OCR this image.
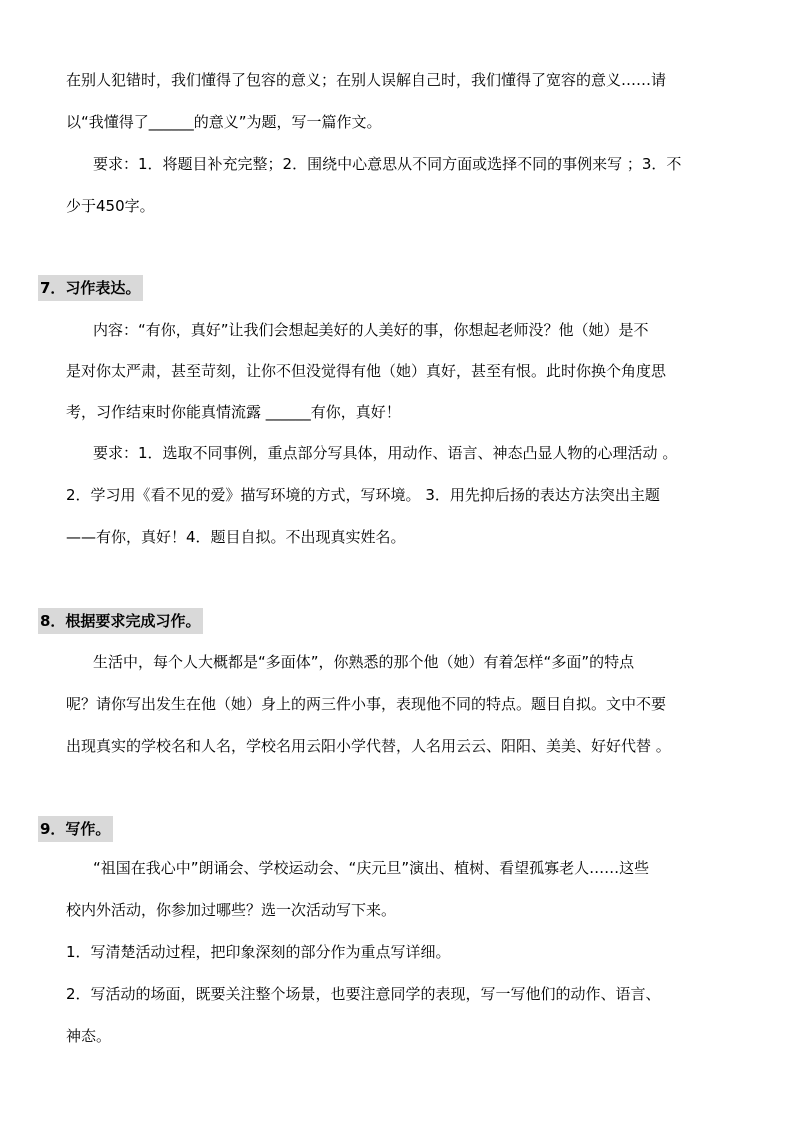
在别人犯错时，我们懂得了包容的意义；在别人误解自己时，我们懂得了宽容的意义……请
以“我懂得了______的意义”为题，写一篇作文。
要求：1．将题目补充完整；2．围绕中心意思从不同方面或选择不同的事例来写 ；3．不
少于450字。
7．习作表达。
内容：“有你，真好”让我们会想起美好的人美好的事，你想起老师没？他（她）是不
是对你太严肃，甚至苛刻，让你不但没觉得有他（她）真好，甚至有恨。此时你换个角度思
考，习作结束时你能真情流露 ______有你，真好！
要求：1．选取不同事例，重点部分写具体，用动作、语言、神态凸显人物的心理活动 。
2．学习用《看不见的爱》描写环境的方式，写环境。 3．用先抑后扬的表达方法突出主题
——有你，真好！4．题目自拟。不出现真实姓名。
8．根据要求完成习作。
生活中，每个人大概都是“多面体”，你熟悉的那个他（她）有着怎样“多面”的特点
呢？请你写出发生在他（她）身上的两三件小事，表现他不同的特点。题目自拟。文中不要
出现真实的学校名和人名，学校名用云阳小学代替，人名用云云、阳阳、美美、好好代替 。
9．写作。
“祖国在我心中”朗诵会、学校运动会、“庆元旦”演出、植树、看望孤寡老人……这些
校内外活动，你参加过哪些？选一次活动写下来。
1．写清楚活动过程，把印象深刻的部分作为重点写详细。
2．写活动的场面，既要关注整个场景，也要注意同学的表现，写一写他们的动作、语言、
神态。
